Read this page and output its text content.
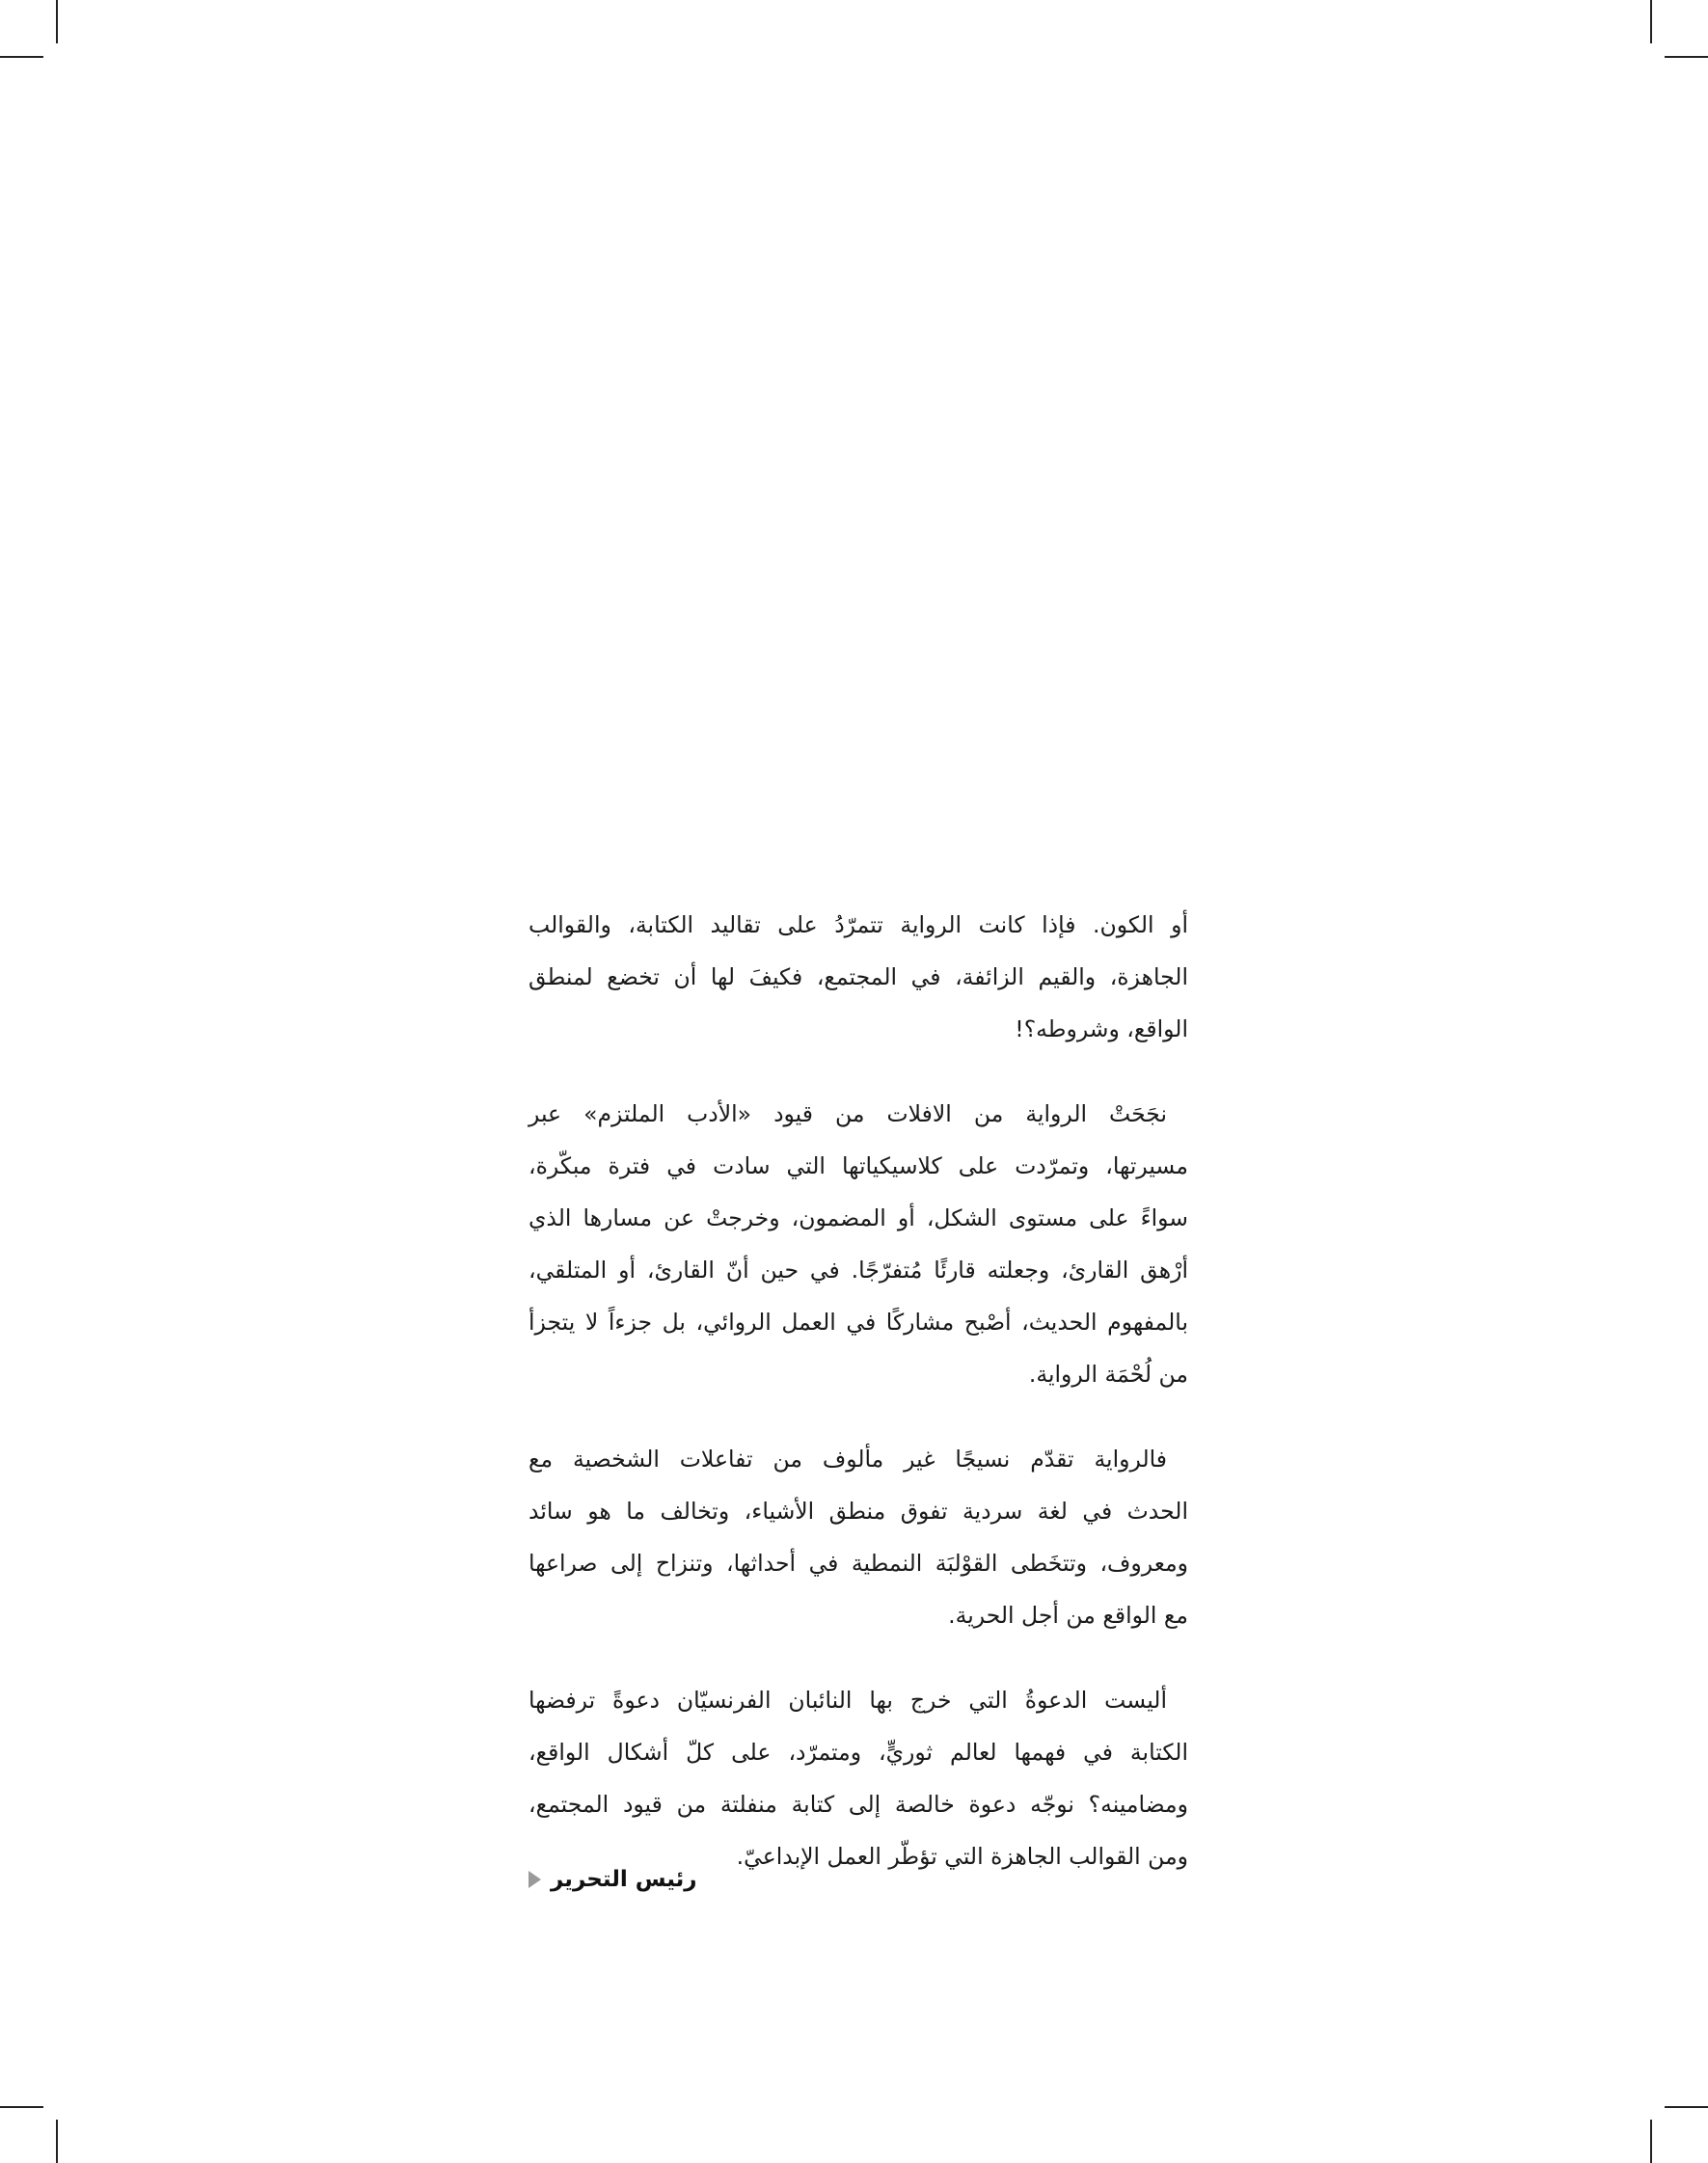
أو الكون. فإذا كانت الرواية تتمرّدُ على تقاليد الكتابة، والقوالب
الجاهزة، والقيم الزائفة، في المجتمع، فكيفَ لها أن تخضع لمنطق
الواقع، وشروطه؟!

نجَحَتْ الرواية من الافلات من قيود «الأدب الملتزم» عبر
مسيرتها، وتمرّدت على كلاسيكياتها التي سادت في فترة مبكّرة،
سواءً على مستوى الشكل، أو المضمون، وخرجتْ عن مسارها الذي
أرْهق القارئ، وجعلته قارئًا مُتفرّجًا. في حين أنّ القارئ، أو المتلقي،
بالمفهوم الحديث، أصْبح مشاركًا في العمل الروائي، بل جزءاً لا يتجزأ
من لُحْمَة الرواية.

فالرواية تقدّم نسيجًا غير مألوف من تفاعلات الشخصية مع
الحدث في لغة سردية تفوق منطق الأشياء، وتخالف ما هو سائد
ومعروف، وتتخَطى القوْلبَة النمطية في أحداثها، وتنزاح إلى صراعها
مع الواقع من أجل الحرية.

أليست الدعوةُ التي خرج بها النائبان الفرنسيّان دعوةً ترفضها
الكتابة في فهمها لعالم ثوريٍّ، ومتمرّد، على كلّ أشكال الواقع،
ومضامينه؟ نوجّه دعوة خالصة إلى كتابة منفلتة من قيود المجتمع،
ومن القوالب الجاهزة التي تؤطّر العمل الإبداعيّ.

رئيس التحرير
